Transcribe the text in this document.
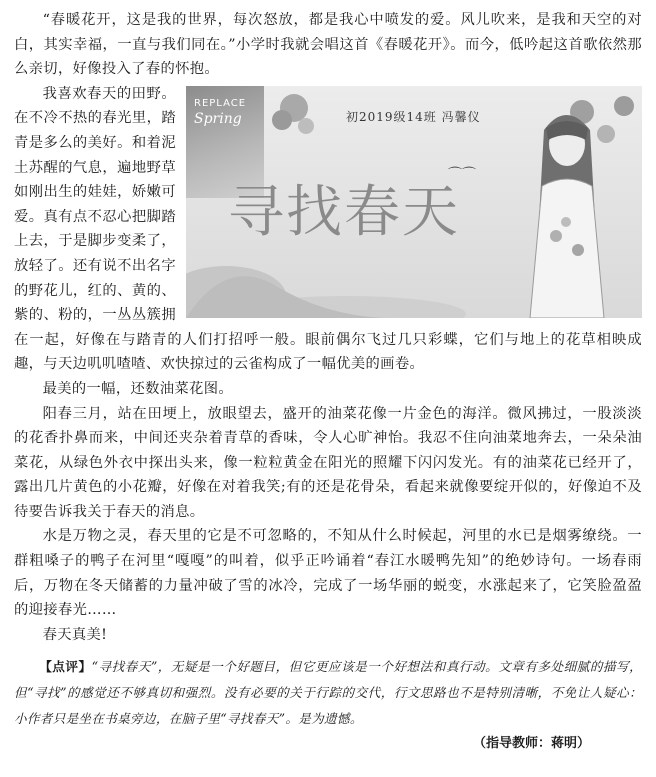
“春暖花开，这是我的世界，每次怒放，都是我心中喷发的爱。风儿吹来，是我和天空的对白，其实幸福，一直与我们同在。”小学时我就会唱这首《春暖花开》。而今，低吟起这首歌依然那么亲切，好像投入了春的怀抱。

REPLACE
Spring	初2019级14班 冯馨仪
⌒⌒
寻找春天

我喜欢春天的田野。在不冷不热的春光里，踏青是多么的美好。和着泥土苏醒的气息，遍地野草如刚出生的娃娃，娇嫩可爱。真有点不忍心把脚踏上去，于是脚步变柔了，放轻了。还有说不出名字的野花儿，红的、黄的、紫的、粉的，一丛丛簇拥在一起，好像在与踏青的人们打招呼一般。眼前偶尔飞过几只彩蝶，它们与地上的花草相映成趣，与天边叽叽喳喳、欢快掠过的云雀构成了一幅优美的画卷。

最美的一幅，还数油菜花图。

阳春三月，站在田埂上，放眼望去，盛开的油菜花像一片金色的海洋。微风拂过，一股淡淡的花香扑鼻而来，中间还夹杂着青草的香味，令人心旷神怡。我忍不住向油菜地奔去，一朵朵油菜花，从绿色外衣中探出头来，像一粒粒黄金在阳光的照耀下闪闪发光。有的油菜花已经开了，露出几片黄色的小花瓣，好像在对着我笑;有的还是花骨朵，看起来就像要绽开似的，好像迫不及待要告诉我关于春天的消息。

水是万物之灵，春天里的它是不可忽略的，不知从什么时候起，河里的水已是烟雾缭绕。一群粗嗓子的鸭子在河里“嘎嘎”的叫着，似乎正吟诵着“春江水暖鸭先知”的绝妙诗句。一场春雨后，万物在冬天储蓄的力量冲破了雪的冰冷，完成了一场华丽的蜕变，水涨起来了，它笑脸盈盈的迎接春光……

春天真美!

【点评】“寻找春天”，无疑是一个好题目，但它更应该是一个好想法和真行动。文章有多处细腻的描写，但“寻找”的感觉还不够真切和强烈。没有必要的关于行踪的交代，行文思路也不是特别清晰，不免让人疑心：小作者只是坐在书桌旁边，在脑子里“寻找春天”。是为遗憾。

（指导教师：蒋明）
